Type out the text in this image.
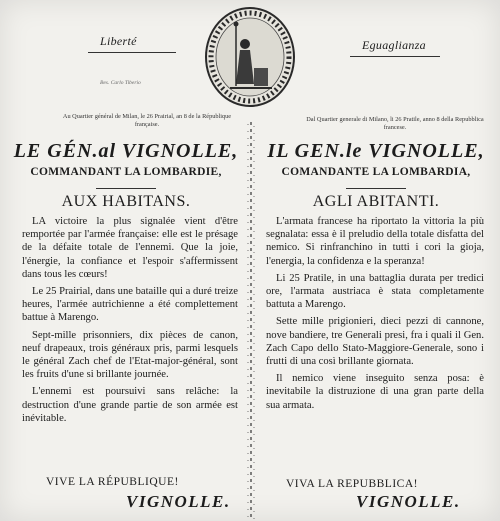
Liberté	Eguaglianza
Bes. Carlo Tiberio
Au Quartier général de Milan, le 26 Prairial, an 8 de la République française.
Dal Quartier generale di Milano, li 26 Pratile, anno 8 della Repubblica francese.
LE GÉN.al VIGNOLLE,
COMMANDANT LA LOMBARDIE,
AUX HABITANS.

LA victoire la plus signalée vient d'être remportée par l'armée française: elle est le présage de la défaite totale de l'ennemi. Que la joie, l'énergie, la confiance et l'espoir s'affermissent dans tous les cœurs!

Le 25 Prairial, dans une bataille qui a duré treize heures, l'armée autrichienne a été complettement battue à Marengo.

Sept-mille prisonniers, dix pièces de canon, neuf drapeaux, trois généraux pris, parmi lesquels le général Zach chef de l'Etat-major-général, sont les fruits d'une si brillante journée.

L'ennemi est poursuivi sans relâche: la destruction d'une grande partie de son armée est inévitable.

VIVE LA RÉPUBLIQUE!
VIGNOLLE.
IL GEN.le VIGNOLLE,
COMANDANTE LA LOMBARDIA,
AGLI ABITANTI.

L'armata francese ha riportato la vittoria la più segnalata: essa è il preludio della totale disfatta del nemico. Si rinfranchino in tutti i cori la gioja, l'energia, la confidenza e la speranza!

Li 25 Pratile, in una battaglia durata per tredici ore, l'armata austriaca è stata completamente battuta a Marengo.

Sette mille prigionieri, dieci pezzi di cannone, nove bandiere, tre Generali presi, fra i quali il Gen. Zach Capo dello Stato-Maggiore-Generale, sono i frutti di una così brillante giornata.

Il nemico viene inseguito senza posa: è inevitabile la distruzione di una gran parte della sua armata.

VIVA LA REPUBBLICA!
VIGNOLLE.
